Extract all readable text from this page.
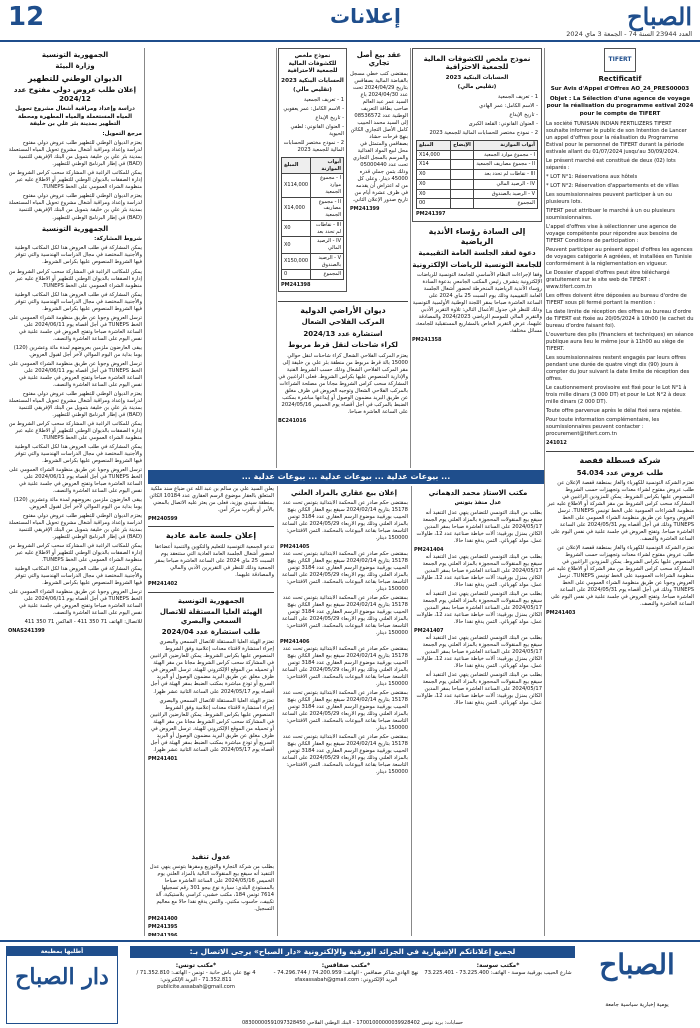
الصباح
العدد 23944 السنة 74 - الجمعة 3 ماي 2024
إعلانات
12
TIFERT
Rectificatif
Sur Avis d'Appel d'Offres AO_24_PRES00003
Objet : La Sélection d'une agence de voyage pour la réalisation du programme estival 2024 pour le compte de TIFERT
La société TUNISIAN INDIAN FERTILIZERS TIFERT souhaite informer le public de son Intention de Lancer un appel d'offres pour la réalisation du Programme Estival pour le personnel de TIFERT durant la période estivale allant du 01/07/2024 jusqu'au 30/09/2024.
Le présent marché est constitué de deux (02) lots séparés :
* LOT N°1: Réservations aux hôtels
* LOT N°2: Réservation d'appartements et de villas
Les soumissionnaires peuvent participer à un ou plusieurs lots.
TIFERT peut attribuer le marché à un ou plusieurs soumissionnaires.
L'appel d'offres vise à sélectionner une agence de voyage compétente pour répondre aux besoins de TIFERT Conditions de participation :
Peuvent participer au présent appel d'offres les agences de voyages catégorie A agréées, et installées en Tunisie conformément à la réglementation en vigueur.
Le Dossier d'appel d'offres peut être téléchargé gratuitement sur le site web de TIFERT : www.tifert.com.tn
Les offres doivent être déposées au bureau d'ordre de TIFERT sous pli fermé portant la mention :
La date limite de réception des offres au bureau d'ordre de TIFERT est fixée au 20/05/2024 à 10h00 (le cachet du bureau d'ordre faisant foi).
L'ouverture des plis (financiers et techniques) en séance publique aura lieu le même jour à 11h00 au siège de TIFERT.
Les soumissionnaires restent engagés par leurs offres pendant une durée de quatre vingt dix (90) jours à compter du jour suivant la date limite de réception des offres.
Le cautionnement provisoire est fixé pour le Lot N°1 à trois mille dinars (3 000 DT) et pour le Lot N°2 à deux mille dinars (2 000 DT).
Toute offre parvenue après le délai fixé sera rejetée.
Pour toute information complémentaire, les soumissionnaires peuvent contacter : procurement@tifert.com.tn
241012
شركة قسطلة قفصة
طلب عروض عدد 54.034
تعتزم الشركة التونسية للكهرباء والغاز بمنطقة قفصة الإعلان عن طلب عروض مفتوح لشراء معدات وتجهيزات حسب الشروط المنصوص عليها بكراس الشروط. يمكن للمزودين الراغبين في المشاركة سحب كراس الشروط من مقر الشركة أو الاطلاع عليه عبر منظومة الشراءات العمومية على الخط تونبس TUNEPS. ترسل العروض وجوبا عن طريق منظومة الشراء العمومي على الخط TUNEPS وذلك في أجل أقصاه يوم 2024/05/31 على الساعة العاشرة صباحا. وتفتح العروض في جلسة علنية في نفس اليوم على الساعة العاشرة والنصف.
تعتزم الشركة التونسية للكهرباء والغاز بمنطقة قفصة الإعلان عن طلب عروض مفتوح لشراء معدات وتجهيزات حسب الشروط المنصوص عليها بكراس الشروط. يمكن للمزودين الراغبين في المشاركة سحب كراس الشروط من مقر الشركة أو الاطلاع عليه عبر منظومة الشراءات العمومية على الخط تونبس TUNEPS. ترسل العروض وجوبا عن طريق منظومة الشراء العمومي على الخط TUNEPS وذلك في أجل أقصاه يوم 2024/05/31 على الساعة العاشرة صباحا. وتفتح العروض في جلسة علنية في نفس اليوم على الساعة العاشرة والنصف.
PM241403
نموذج ملخص للكشوفات المالية للجمعية الاحترافية
الحسابات البنكية 2023
(تقليص مالي)
1 - تعريف الجمعية
- الاسم الكامل: عمر الهادي
- تاريخ الإيداع
- العنوان القانوني: القلعة الكبرى
2 - نموذج مختصر للحسابات المالية للجمعية 2023
أبواب الموازنة	الإيضاح	المبلغ
I - مجموع موارد الجمعية		X14,000
II - مجموع مصاريف الجمعية		X14
III - نقاطات لم تحدد بعد		X0
IV - الرصيد المالي		X0
V - الرصيد بالصندوق		X0
المجموع		00
PM241397
إلى السادة رؤساء الأندية الرياضية
دعوة لعقد الجلسة العامة التقييمية
للجامعة التونسية للرياضات الإلكترونية
وفقا لإجراءات النظام الأساسي للجامعة التونسية للرياضات الإلكترونية يتشرف رئيس المكتب الجامعي بدعوة السادة رؤساء الأندية الرياضية المنخرطة لحضور أشغال الجلسة العامة التقييمية وذلك يوم السبت 25 ماي 2024 على الساعة العاشرة صباحا بمقر اللجنة الوطنية الأولمبية التونسية وذلك للنظر في جدول الأعمال التالي: تلاوة التقرير الأدبي والتقرير المالي للموسم الرياضي 2024/2023 والمصادقة عليهما، عرض التقرير الخاص بالمشاريع المستقبلية للجامعة، مسائل مختلفة.
PM241358
عقد بيع أصل تجاري
بمقتضى كتب خطي مسجل بالقباضة المالية بصفاقس بتاريخ 2024/04/29 تحت عدد 2024/04/30 باع السيد عمر عبد العالم صاحب بطاقة التعريف الوطنية عدد 08536572 إلى السيد محمد الحبيب كامل الأصل التجاري الكائن بنهج فرحات حشاد بصفاقس والمتمثل في محل لبيع المواد الغذائية والمرسم بالسجل التجاري تحت عدد 05000440 وذلك بثمن جملي قدره 45000 دينار. وعلى كل من له اعتراض أن يقدمه في ظرف عشرة أيام من تاريخ صدور الإعلان الثاني.
PM241399
نموذج ملخص للكشوفات المالية للجمعية الاحترافية
الحسابات البنكية 2023
(تقليص مالي)
1 - تعريف الجمعية
- الاسم الكامل: عمر يعقوبي
- تاريخ الإيداع
- العنوان القانوني: لطفي الحيوية
2 - نموذج مختصر للحسابات المالية للجمعية 2023
أبواب الموازنة	المبلغ
I - مجموع موارد الجمعية	X114,000
II - مجموع مصاريف الجمعية	X14,000
III - نقاطات لم تحدد بعد	X0
IV - الرصيد المالي	X0
V - الرصيد بالصندوق	X150,000
المجموع	0
PM241398
ديوان الأراضي الدولية
المركب الفلاحي الشعال
استشارة عدد 2024/13
لكراء شاحنات لنقل قرط مربوط
يعتزم المركب الفلاحي الشعال كراء شاحنات لنقل حوالي 15000 بالة قرط مربوط من منطقة بئر علي بن خليفة إلى مقر المركب الفلاحي الشعال وذلك حسب الشروط الفنية والإدارية المنصوص عليها بكراس الشروط. فعلى الراغبين في المشاركة سحب كراس الشروط مجانا من مصلحة الشراءات بالمركب الفلاحي الشعال وتوجيه العروض في ظرف مغلق عن طريق البريد مضمون الوصول أو إيداعها مباشرة بمكتب الضبط بالمركب في أجل أقصاه يوم الخميس 2024/05/16 على الساعة العاشرة صباحا.
BC241016
الجمهورية التونسية
وزارة البيئة
الديوان الوطني للتطهير
إعلان طلب عروض دولي مفتوح عدد 2024/12
دراسة وإعداد ومراقبة أشغال مشروع تحويل المياه المستعملة والمياه المطهرة ومحطة التطهير بمدينة بئر علي بن خليفة
مرجع التمويل:
يعتزم الديوان الوطني للتطهير طلب عروض دولي مفتوح لدراسة وإعداد ومراقبة أشغال مشروع تحويل المياه المستعملة بمدينة بئر علي بن خليفة بتمويل من البنك الإفريقي للتنمية (BAD) في إطار البرنامج الوطني للتطهير.
يمكن للمكاتب الراغبة في المشاركة سحب كراس الشروط من إدارة الصفقات بالديوان الوطني للتطهير أو الاطلاع عليه عبر منظومة الشراء العمومي على الخط TUNEPS.
يعتزم الديوان الوطني للتطهير طلب عروض دولي مفتوح لدراسة وإعداد ومراقبة أشغال مشروع تحويل المياه المستعملة بمدينة بئر علي بن خليفة بتمويل من البنك الإفريقي للتنمية (BAD) في إطار البرنامج الوطني للتطهير.
الجمهورية التونسية
شروط المشاركة:
يمكن المشاركة في طلب العروض هذا لكل المكاتب الوطنية والأجنبية المختصة في مجال الدراسات الهندسية والتي تتوفر فيها الشروط المنصوص عليها بكراس الشروط.
يمكن للمكاتب الراغبة في المشاركة سحب كراس الشروط من إدارة الصفقات بالديوان الوطني للتطهير أو الاطلاع عليه عبر منظومة الشراء العمومي على الخط TUNEPS.
يمكن المشاركة في طلب العروض هذا لكل المكاتب الوطنية والأجنبية المختصة في مجال الدراسات الهندسية والتي تتوفر فيها الشروط المنصوص عليها بكراس الشروط.
ترسل العروض وجوبا عن طريق منظومة الشراء العمومي على الخط TUNEPS في أجل أقصاه يوم 2024/06/11 على الساعة العاشرة صباحا وتفتح العروض في جلسة علنية في نفس اليوم على الساعة العاشرة والنصف.
يبقى العارضون ملزمين بعروضهم لمدة مائة وعشرين (120) يوما بداية من اليوم الموالي لآخر أجل لقبول العروض.
ترسل العروض وجوبا عن طريق منظومة الشراء العمومي على الخط TUNEPS في أجل أقصاه يوم 2024/06/11 على الساعة العاشرة صباحا وتفتح العروض في جلسة علنية في نفس اليوم على الساعة العاشرة والنصف.
يعتزم الديوان الوطني للتطهير طلب عروض دولي مفتوح لدراسة وإعداد ومراقبة أشغال مشروع تحويل المياه المستعملة بمدينة بئر علي بن خليفة بتمويل من البنك الإفريقي للتنمية (BAD) في إطار البرنامج الوطني للتطهير.
يمكن للمكاتب الراغبة في المشاركة سحب كراس الشروط من إدارة الصفقات بالديوان الوطني للتطهير أو الاطلاع عليه عبر منظومة الشراء العمومي على الخط TUNEPS.
يمكن المشاركة في طلب العروض هذا لكل المكاتب الوطنية والأجنبية المختصة في مجال الدراسات الهندسية والتي تتوفر فيها الشروط المنصوص عليها بكراس الشروط.
ترسل العروض وجوبا عن طريق منظومة الشراء العمومي على الخط TUNEPS في أجل أقصاه يوم 2024/06/11 على الساعة العاشرة صباحا وتفتح العروض في جلسة علنية في نفس اليوم على الساعة العاشرة والنصف.
يبقى العارضون ملزمين بعروضهم لمدة مائة وعشرين (120) يوما بداية من اليوم الموالي لآخر أجل لقبول العروض.
يعتزم الديوان الوطني للتطهير طلب عروض دولي مفتوح لدراسة وإعداد ومراقبة أشغال مشروع تحويل المياه المستعملة بمدينة بئر علي بن خليفة بتمويل من البنك الإفريقي للتنمية (BAD) في إطار البرنامج الوطني للتطهير.
يمكن للمكاتب الراغبة في المشاركة سحب كراس الشروط من إدارة الصفقات بالديوان الوطني للتطهير أو الاطلاع عليه عبر منظومة الشراء العمومي على الخط TUNEPS.
يمكن المشاركة في طلب العروض هذا لكل المكاتب الوطنية والأجنبية المختصة في مجال الدراسات الهندسية والتي تتوفر فيها الشروط المنصوص عليها بكراس الشروط.
ترسل العروض وجوبا عن طريق منظومة الشراء العمومي على الخط TUNEPS في أجل أقصاه يوم 2024/06/11 على الساعة العاشرة صباحا وتفتح العروض في جلسة علنية في نفس اليوم على الساعة العاشرة والنصف.
للاتصال: الهاتف 71 350 411 - الفاكس 71 350 411
ONAS241399
يعلن السيد علي بن سالم بن عبد الله عن ضياع سند ملكية المتعلق بالعقار موضوع الرسم العقاري عدد 10184 الكائن بمنطقة سيدي بوزيد، فعلى من يعثر عليه الاتصال بالمعني بالأمر أو بأقرب مركز أمن.
PM240599
إعلان جلسة عامة عادية
تدعو الجمعية التونسية للتعليم والتكوين والتنمية أعضاءها لحضور أشغال الجلسة العامة العادية التي ستنعقد يوم السبت 25 ماي 2024 على الساعة العاشرة صباحا بمقر الجمعية وذلك للنظر في التقريرين الأدبي والمالي والمصادقة عليهما.
PM241402
الجمهورية التونسية
الهيئة العليا المستقلة للاتصال السمعي والبصري
طلب استشارة عدد 2024/04
تعتزم الهيئة العليا المستقلة للاتصال السمعي والبصري إجراء استشارة لاقتناء معدات إعلامية وفق الشروط المنصوص عليها بكراس الشروط. يمكن للعارضين الراغبين في المشاركة سحب كراس الشروط مجانا من مقر الهيئة أو تحميله من الموقع الإلكتروني للهيئة. ترسل العروض في ظرف مغلق عن طريق البريد مضمون الوصول أو البريد السريع أو تودع مباشرة بمكتب الضبط بمقر الهيئة في أجل أقصاه يوم 2024/05/17 على الساعة الثانية عشر ظهرا.
تعتزم الهيئة العليا المستقلة للاتصال السمعي والبصري إجراء استشارة لاقتناء معدات إعلامية وفق الشروط المنصوص عليها بكراس الشروط. يمكن للعارضين الراغبين في المشاركة سحب كراس الشروط مجانا من مقر الهيئة أو تحميله من الموقع الإلكتروني للهيئة. ترسل العروض في ظرف مغلق عن طريق البريد مضمون الوصول أو البريد السريع أو تودع مباشرة بمكتب الضبط بمقر الهيئة في أجل أقصاه يوم 2024/05/17 على الساعة الثانية عشر ظهرا.
PM241401
... بيوعات عدلية ... بيوعات عدلية ... بيوعات عدلية ...
مكتب الاستاذ محمد الدهماني
عدل منفذ بتونس
بطلب من البنك التونسي للتضامن ينهي عدل التنفيذ أنه سيقع بيع المنقولات المحجوزة بالمزاد العلني يوم الجمعة 2024/05/17 على الساعة العاشرة صباحا بمقر المدين الكائن بمنزل بورقيبة: آلات خياطة صناعية عدد 12، طاولات عمل، مولد كهربائي. الثمن يدفع نقدا حالا.
PM241404
بطلب من البنك التونسي للتضامن ينهي عدل التنفيذ أنه سيقع بيع المنقولات المحجوزة بالمزاد العلني يوم الجمعة 2024/05/17 على الساعة العاشرة صباحا بمقر المدين الكائن بمنزل بورقيبة: آلات خياطة صناعية عدد 12، طاولات عمل، مولد كهربائي. الثمن يدفع نقدا حالا.
بطلب من البنك التونسي للتضامن ينهي عدل التنفيذ أنه سيقع بيع المنقولات المحجوزة بالمزاد العلني يوم الجمعة 2024/05/17 على الساعة العاشرة صباحا بمقر المدين الكائن بمنزل بورقيبة: آلات خياطة صناعية عدد 12، طاولات عمل، مولد كهربائي. الثمن يدفع نقدا حالا.
PM241407
بطلب من البنك التونسي للتضامن ينهي عدل التنفيذ أنه سيقع بيع المنقولات المحجوزة بالمزاد العلني يوم الجمعة 2024/05/17 على الساعة العاشرة صباحا بمقر المدين الكائن بمنزل بورقيبة: آلات خياطة صناعية عدد 12، طاولات عمل، مولد كهربائي. الثمن يدفع نقدا حالا.
بطلب من البنك التونسي للتضامن ينهي عدل التنفيذ أنه سيقع بيع المنقولات المحجوزة بالمزاد العلني يوم الجمعة 2024/05/17 على الساعة العاشرة صباحا بمقر المدين الكائن بمنزل بورقيبة: آلات خياطة صناعية عدد 12، طاولات عمل، مولد كهربائي. الثمن يدفع نقدا حالا.
إعلان بيع عقاري بالمزاد العلني
بمقتضى حكم صادر عن المحكمة الابتدائية بتونس تحت عدد 15178 بتاريخ 2024/02/14 سيقع بيع العقار الكائن بنهج الحبيب بورقيبة موضوع الرسم العقاري عدد 3184 تونس بالمزاد العلني وذلك يوم الاربعاء 2024/05/29 على الساعة التاسعة صباحا بقاعة البيوعات بالمحكمة. الثمن الافتتاحي: 150000 دينار.
PM241405
بمقتضى حكم صادر عن المحكمة الابتدائية بتونس تحت عدد 15178 بتاريخ 2024/02/14 سيقع بيع العقار الكائن بنهج الحبيب بورقيبة موضوع الرسم العقاري عدد 3184 تونس بالمزاد العلني وذلك يوم الاربعاء 2024/05/29 على الساعة التاسعة صباحا بقاعة البيوعات بالمحكمة. الثمن الافتتاحي: 150000 دينار.
بمقتضى حكم صادر عن المحكمة الابتدائية بتونس تحت عدد 15178 بتاريخ 2024/02/14 سيقع بيع العقار الكائن بنهج الحبيب بورقيبة موضوع الرسم العقاري عدد 3184 تونس بالمزاد العلني وذلك يوم الاربعاء 2024/05/29 على الساعة التاسعة صباحا بقاعة البيوعات بالمحكمة. الثمن الافتتاحي: 150000 دينار.
PM241406
بمقتضى حكم صادر عن المحكمة الابتدائية بتونس تحت عدد 15178 بتاريخ 2024/02/14 سيقع بيع العقار الكائن بنهج الحبيب بورقيبة موضوع الرسم العقاري عدد 3184 تونس بالمزاد العلني وذلك يوم الاربعاء 2024/05/29 على الساعة التاسعة صباحا بقاعة البيوعات بالمحكمة. الثمن الافتتاحي: 150000 دينار.
بمقتضى حكم صادر عن المحكمة الابتدائية بتونس تحت عدد 15178 بتاريخ 2024/02/14 سيقع بيع العقار الكائن بنهج الحبيب بورقيبة موضوع الرسم العقاري عدد 3184 تونس بالمزاد العلني وذلك يوم الاربعاء 2024/05/29 على الساعة التاسعة صباحا بقاعة البيوعات بالمحكمة. الثمن الافتتاحي: 150000 دينار.
بمقتضى حكم صادر عن المحكمة الابتدائية بتونس تحت عدد 15178 بتاريخ 2024/02/14 سيقع بيع العقار الكائن بنهج الحبيب بورقيبة موضوع الرسم العقاري عدد 3184 تونس بالمزاد العلني وذلك يوم الاربعاء 2024/05/29 على الساعة التاسعة صباحا بقاعة البيوعات بالمحكمة. الثمن الافتتاحي: 150000 دينار.
الصباح
يومية إخبارية سياسية جامعة
لجميع إعلاناتكم الإشهارية في الجرائد الورقية والإلكترونية «دار الصباح» يرجى الاتصال بـ:
*مكتب تونس:
4 نهج علي باش حانبة - تونس - الهاتف: 71.352.810 / 71.352.811 - البريد الإلكتروني: publicite.assabah@gmail.com
*مكتب سوسة:
شارع الحبيب بورقيبة سوسة - الهاتف: 73.225.400 - 73.225.401
*مكتب صفاقس:
نهج الهادي شاكر صفاقس - الهاتف: 74.200.959 / 74.296.744 - البريد الإلكتروني: sfaxassabah@gmail.com
أطلبها بمطبعة
دار الصباح
حسابات: بريد تونس 17001000000039928402 - البنك الوطني الفلاحي 08300000591097328450
عدول تنفيذ
بطلب من شركة التجارة والتوزيع ومقرها بتونس ينهي عدل التنفيذ أنه سيقع بيع المنقولات التالية بالمزاد العلني يوم الخميس 2024/05/16 على الساعة العاشرة صباحا بالمستودع البلدي: سيارة نوع بيجو 301 رقم تسجيلها 7614 تونس 184، مكتب خشبي، كراسي بلاستيكية، آلة تكييف، حاسوب مكتبي. والثمن يدفع نقدا حالا مع معاليم التسجيل.
PM241400
PM241395
PM241396
